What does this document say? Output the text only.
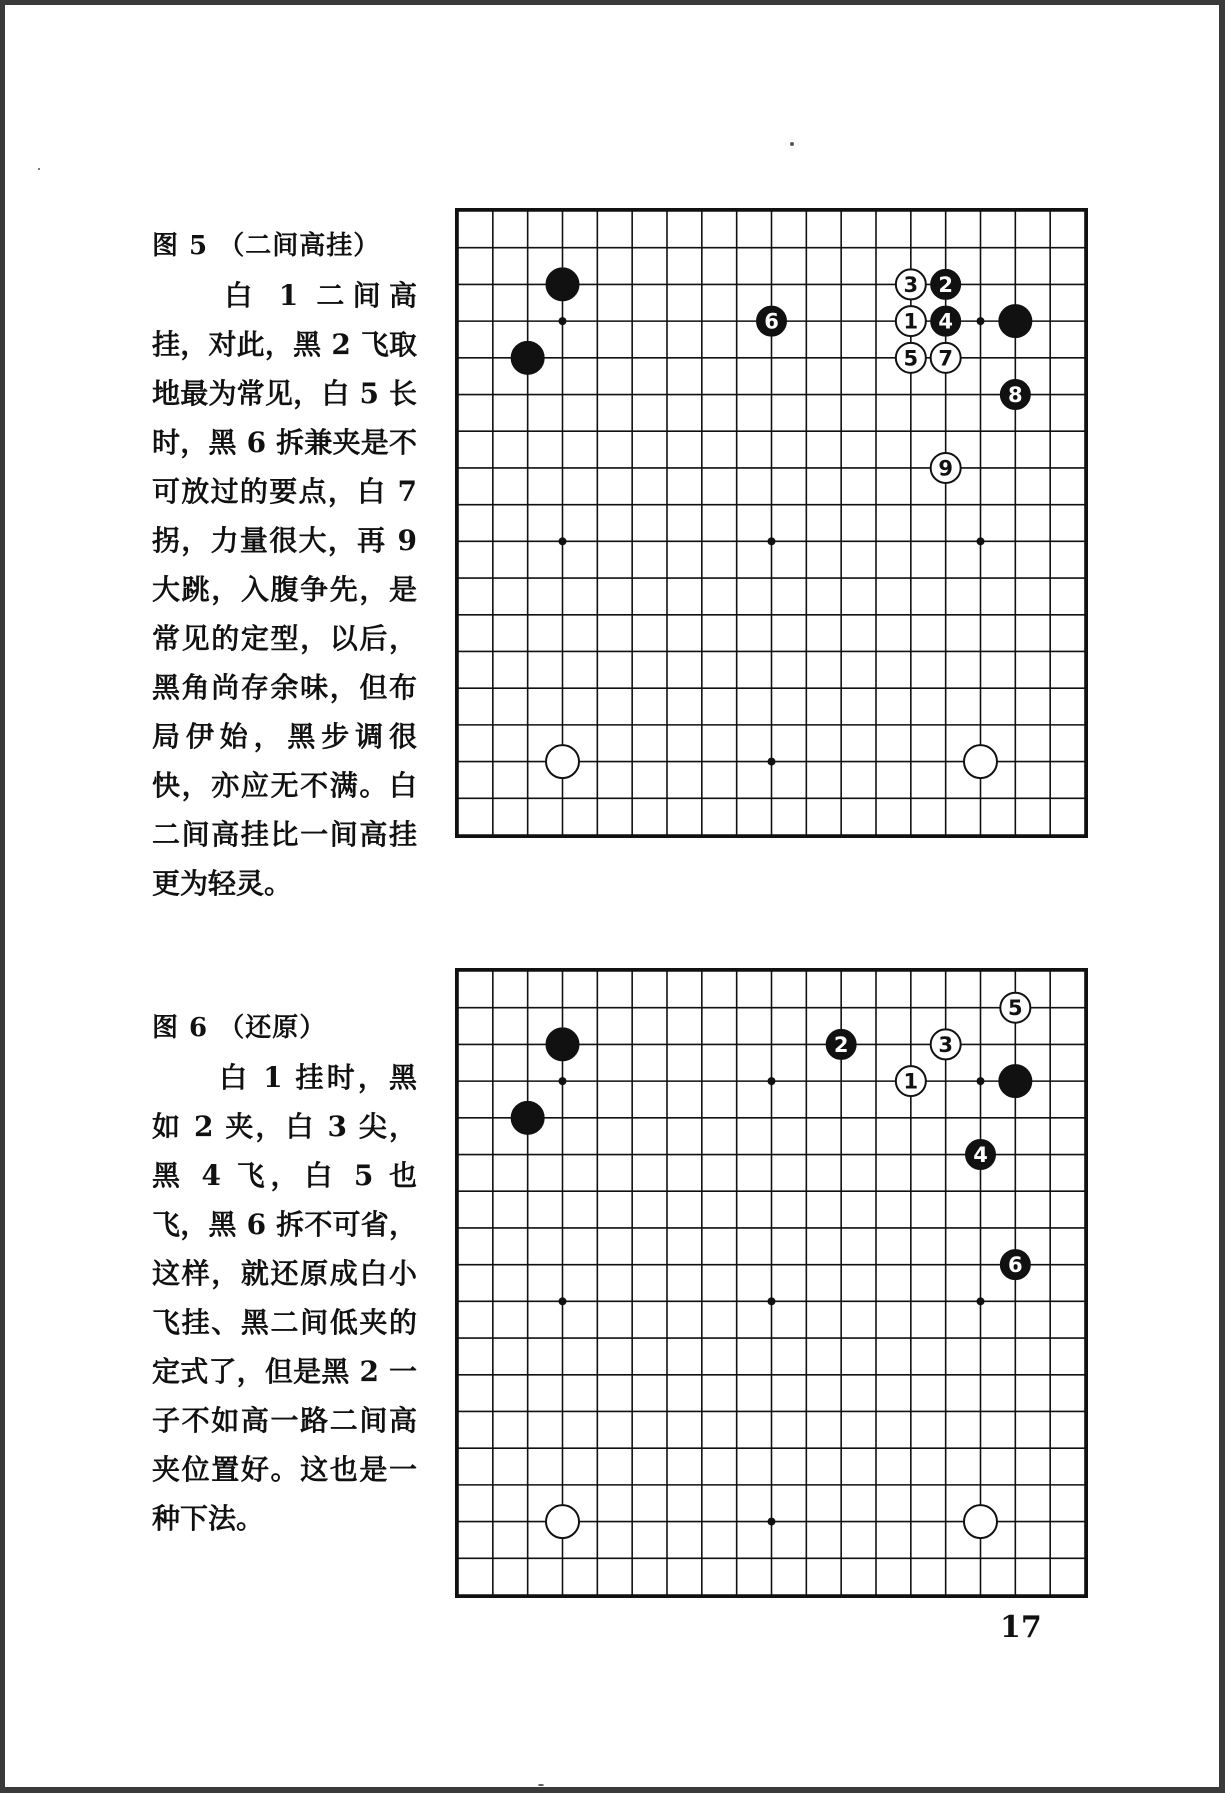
图 5 （二间高挂）
白 1 二间高挂，对此，黑 2 飞取地最为常见，白 5 长时，黑 6 拆兼夹是不可放过的要点，白 7 拐，力量很大，再 9 大跳，入腹争先，是常见的定型，以后，黑角尚存余味，但布局伊始，黑步调很快，亦应无不满。白二间高挂比一间高挂更为轻灵。
6
3 2
1 4
5 7
8
9
图 6 （还原）
白 1 挂时，黑如 2 夹，白 3 尖，黑 4 飞，白 5 也飞，黑 6 拆不可省，这样，就还原成白小飞挂、黑二间低夹的定式了，但是黑 2 一子不如高一路二间高夹位置好。这也是一种下法。
2	3
5
1
4
6
17
